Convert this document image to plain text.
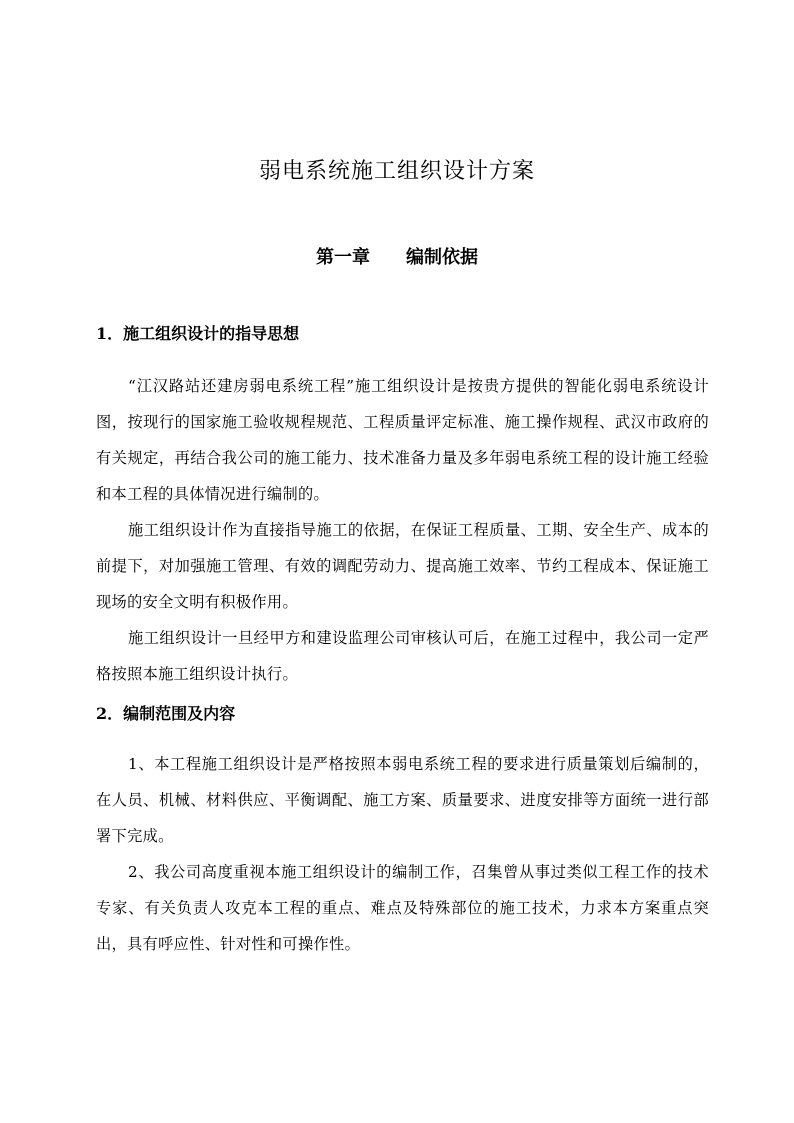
弱电系统施工组织设计方案
第一章 编制依据
1．施工组织设计的指导思想
“江汉路站还建房弱电系统工程”施工组织设计是按贵方提供的智能化弱电系统设计图，按现行的国家施工验收规程规范、工程质量评定标准、施工操作规程、武汉市政府的有关规定，再结合我公司的施工能力、技术准备力量及多年弱电系统工程的设计施工经验和本工程的具体情况进行编制的。
施工组织设计作为直接指导施工的依据，在保证工程质量、工期、安全生产、成本的前提下，对加强施工管理、有效的调配劳动力、提高施工效率、节约工程成本、保证施工现场的安全文明有积极作用。
施工组织设计一旦经甲方和建设监理公司审核认可后，在施工过程中，我公司一定严格按照本施工组织设计执行。
2．编制范围及内容
1、本工程施工组织设计是严格按照本弱电系统工程的要求进行质量策划后编制的，在人员、机械、材料供应、平衡调配、施工方案、质量要求、进度安排等方面统一进行部署下完成。
2、我公司高度重视本施工组织设计的编制工作，召集曾从事过类似工程工作的技术专家、有关负责人攻克本工程的重点、难点及特殊部位的施工技术，力求本方案重点突出，具有呼应性、针对性和可操作性。
